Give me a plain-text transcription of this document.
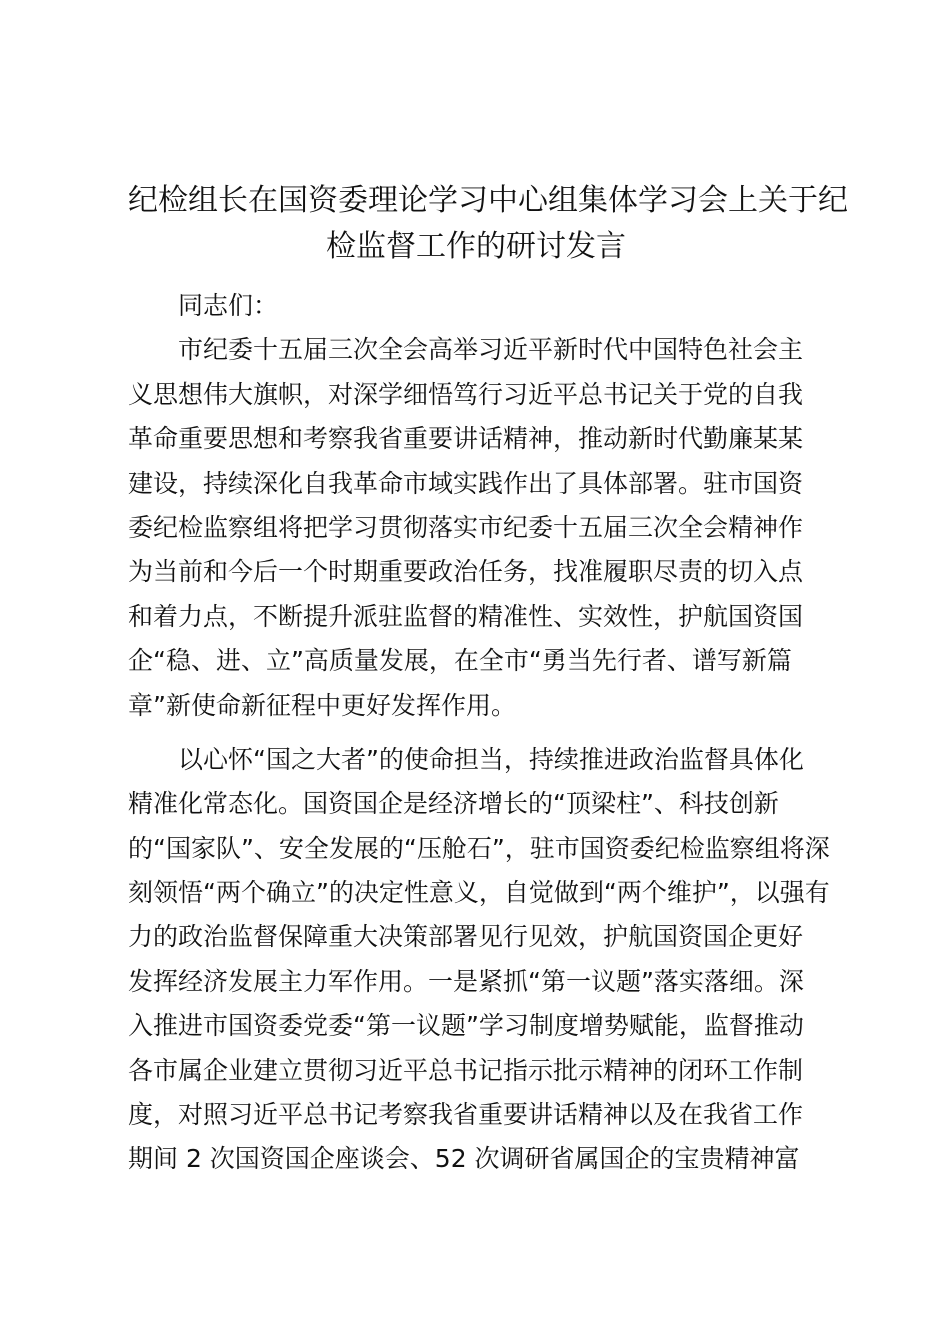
纪检组长在国资委理论学习中心组集体学习会上关于纪
检监督工作的研讨发言
同志们：
市纪委十五届三次全会高举习近平新时代中国特色社会主
义思想伟大旗帜，对深学细悟笃行习近平总书记关于党的自我
革命重要思想和考察我省重要讲话精神，推动新时代勤廉某某
建设，持续深化自我革命市域实践作出了具体部署。驻市国资
委纪检监察组将把学习贯彻落实市纪委十五届三次全会精神作
为当前和今后一个时期重要政治任务，找准履职尽责的切入点
和着力点，不断提升派驻监督的精准性、实效性，护航国资国
企“稳、进、立”高质量发展，在全市“勇当先行者、谱写新篇
章”新使命新征程中更好发挥作用。
以心怀“国之大者”的使命担当，持续推进政治监督具体化
精准化常态化。国资国企是经济增长的“顶梁柱”、科技创新
的“国家队”、安全发展的“压舱石”，驻市国资委纪检监察组将深
刻领悟“两个确立”的决定性意义，自觉做到“两个维护”，以强有
力的政治监督保障重大决策部署见行见效，护航国资国企更好
发挥经济发展主力军作用。一是紧抓“第一议题”落实落细。深
入推进市国资委党委“第一议题”学习制度增势赋能，监督推动
各市属企业建立贯彻习近平总书记指示批示精神的闭环工作制
度，对照习近平总书记考察我省重要讲话精神以及在我省工作
期间 2 次国资国企座谈会、52 次调研省属国企的宝贵精神富
